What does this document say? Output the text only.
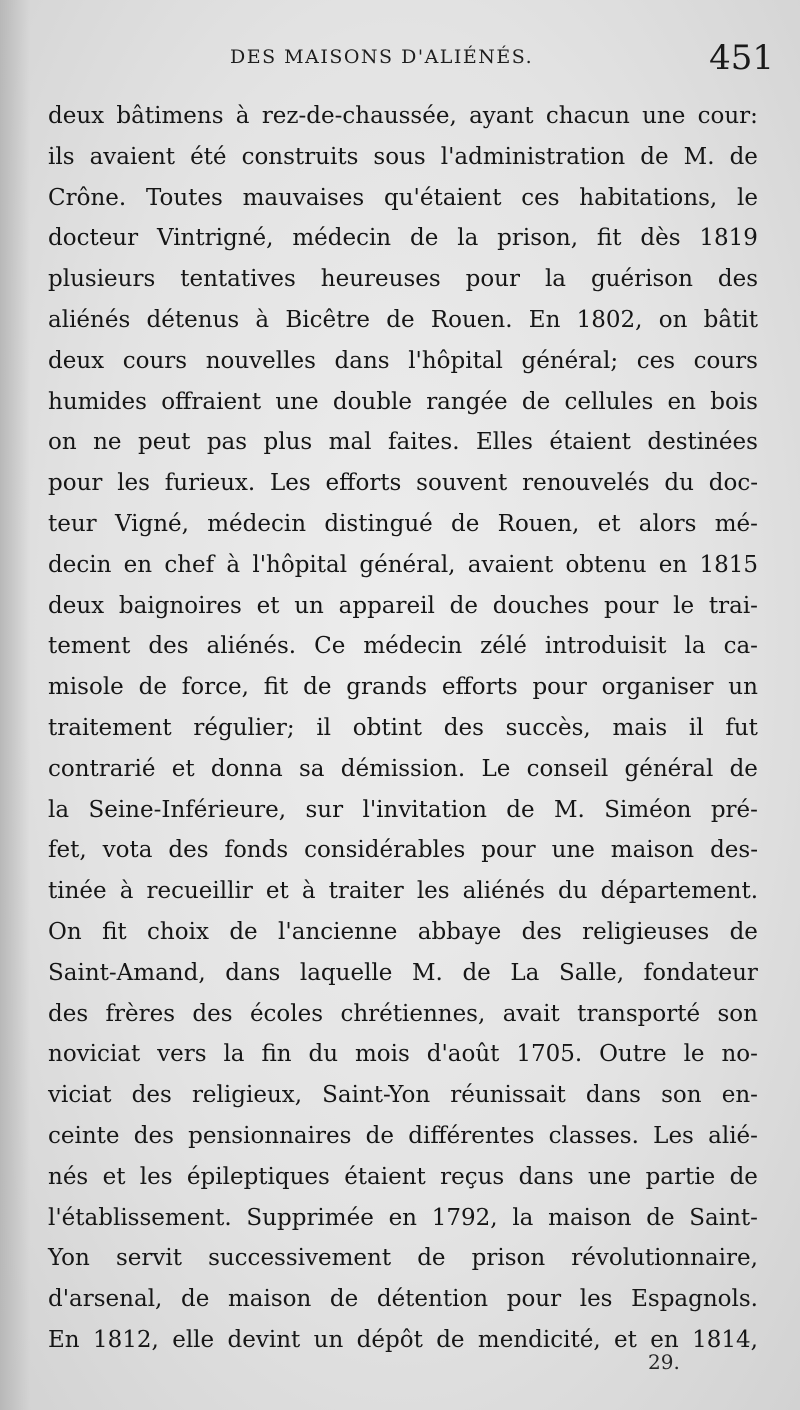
DES MAISONS D'ALIÉNÉS.	451
deux bâtimens à rez-de-chaussée, ayant chacun une cour:
ils avaient été construits sous l'administration de M. de
Crône. Toutes mauvaises qu'étaient ces habitations, le
docteur Vintrigné, médecin de la prison, fit dès 1819
plusieurs tentatives heureuses pour la guérison des
aliénés détenus à Bicêtre de Rouen. En 1802, on bâtit
deux cours nouvelles dans l'hôpital général; ces cours
humides offraient une double rangée de cellules en bois
on ne peut pas plus mal faites. Elles étaient destinées
pour les furieux. Les efforts souvent renouvelés du doc-
teur Vigné, médecin distingué de Rouen, et alors mé-
decin en chef à l'hôpital général, avaient obtenu en 1815
deux baignoires et un appareil de douches pour le trai-
tement des aliénés. Ce médecin zélé introduisit la ca-
misole de force, fit de grands efforts pour organiser un
traitement régulier; il obtint des succès, mais il fut
contrarié et donna sa démission. Le conseil général de
la Seine-Inférieure, sur l'invitation de M. Siméon pré-
fet, vota des fonds considérables pour une maison des-
tinée à recueillir et à traiter les aliénés du département.
On fit choix de l'ancienne abbaye des religieuses de
Saint-Amand, dans laquelle M. de La Salle, fondateur
des frères des écoles chrétiennes, avait transporté son
noviciat vers la fin du mois d'août 1705. Outre le no-
viciat des religieux, Saint-Yon réunissait dans son en-
ceinte des pensionnaires de différentes classes. Les alié-
nés et les épileptiques étaient reçus dans une partie de
l'établissement. Supprimée en 1792, la maison de Saint-
Yon servit successivement de prison révolutionnaire,
d'arsenal, de maison de détention pour les Espagnols.
En 1812, elle devint un dépôt de mendicité, et en 1814,
29.
